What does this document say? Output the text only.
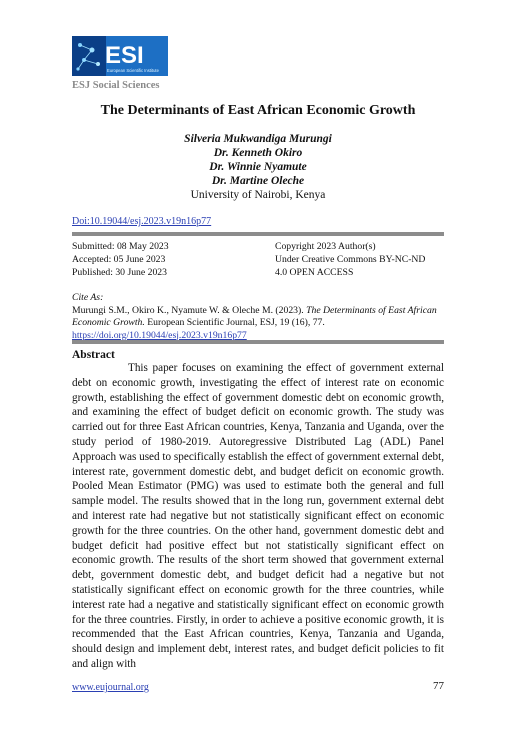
ESI
European Scientific Institute
ESJ Social Sciences
The Determinants of East African Economic Growth
Silveria Mukwandiga Murungi
Dr. Kenneth Okiro
Dr. Winnie Nyamute
Dr. Martine Oleche
University of Nairobi, Kenya
Doi:10.19044/esj.2023.v19n16p77
Submitted: 08 May 2023
Accepted: 05 June 2023
Published: 30 June 2023
Copyright 2023 Author(s)
Under Creative Commons BY-NC-ND
4.0 OPEN ACCESS
Cite As:
Murungi S.M., Okiro K., Nyamute W. & Oleche M. (2023). The Determinants of East African Economic Growth. European Scientific Journal, ESJ, 19 (16), 77.
https://doi.org/10.19044/esj.2023.v19n16p77
Abstract

This paper focuses on examining the effect of government external debt on economic growth, investigating the effect of interest rate on economic growth, establishing the effect of government domestic debt on economic growth, and examining the effect of budget deficit on economic growth. The study was carried out for three East African countries, Kenya, Tanzania and Uganda, over the study period of 1980-2019. Autoregressive Distributed Lag (ADL) Panel Approach was used to specifically establish the effect of government external debt, interest rate, government domestic debt, and budget deficit on economic growth. Pooled Mean Estimator (PMG) was used to estimate both the general and full sample model. The results showed that in the long run, government external debt and interest rate had negative but not statistically significant effect on economic growth for the three countries. On the other hand, government domestic debt and budget deficit had positive effect but not statistically significant effect on economic growth. The results of the short term showed that government external debt, government domestic debt, and budget deficit had a negative but not statistically significant effect on economic growth for the three countries, while interest rate had a negative and statistically significant effect on economic growth for the three countries. Firstly, in order to achieve a positive economic growth, it is recommended that the East African countries, Kenya, Tanzania and Uganda, should design and implement debt, interest rates, and budget deficit policies to fit and align with

www.eujournal.org	77
